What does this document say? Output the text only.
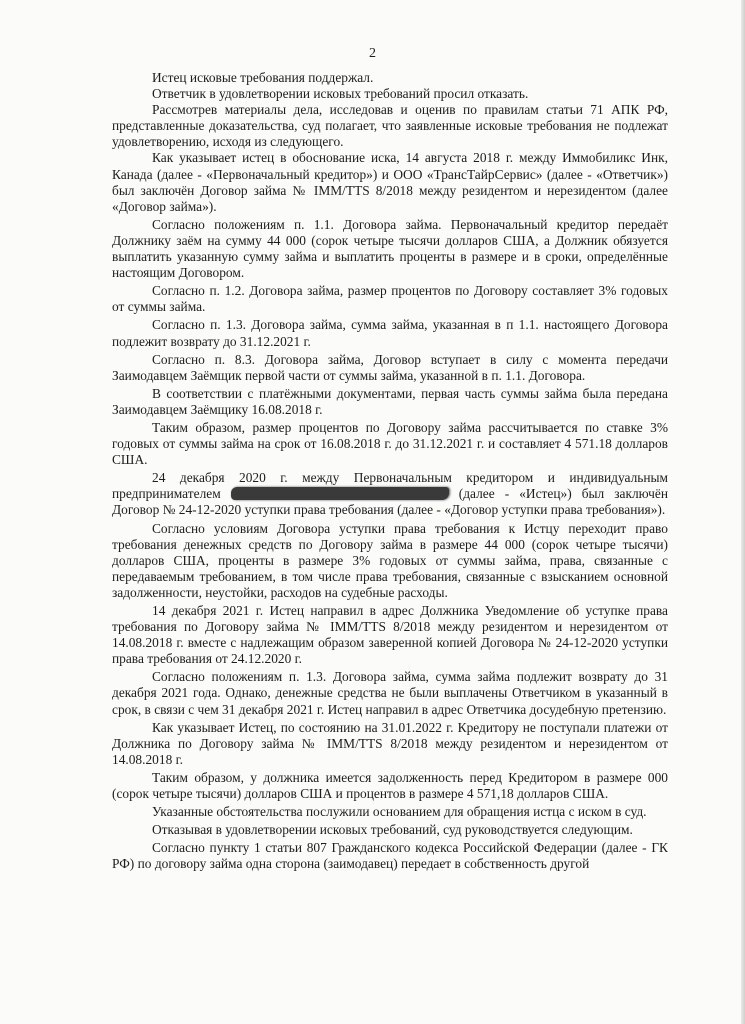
2

Истец исковые требования поддержал.

Ответчик в удовлетворении исковых требований просил отказать.

Рассмотрев материалы дела, исследовав и оценив по правилам статьи 71 АПК РФ, представленные доказательства, суд полагает, что заявленные исковые требования не подлежат удовлетворению, исходя из следующего.

Как указывает истец в обоснование иска, 14 августа 2018 г. между Иммобиликс Инк, Канада (далее - «Первоначальный кредитор») и ООО «ТрансТайрСервис» (далее - «Ответчик») был заключён Договор займа № IMM/TTS 8/2018 между резидентом и нерезидентом (далее «Договор займа»).

Согласно положениям п. 1.1. Договора займа. Первоначальный кредитор передаёт Должнику заём на сумму 44 000 (сорок четыре тысячи долларов США, а Должник обязуется выплатить указанную сумму займа и выплатить проценты в размере и в сроки, определённые настоящим Договором.

Согласно п. 1.2. Договора займа, размер процентов по Договору составляет 3% годовых от суммы займа.

Согласно п. 1.3. Договора займа, сумма займа, указанная в п 1.1. настоящего Договора подлежит возврату до 31.12.2021 г.

Согласно п. 8.3. Договора займа, Договор вступает в силу с момента передачи Заимодавцем Заёмщик первой части от суммы займа, указанной в п. 1.1. Договора.

В соответствии с платёжными документами, первая часть суммы займа была передана Заимодавцем Заёмщику 16.08.2018 г.

Таким образом, размер процентов по Договору займа рассчитывается по ставке 3% годовых от суммы займа на срок от 16.08.2018 г. до 31.12.2021 г. и составляет 4 571.18 долларов США.

24 декабря 2020 г. между Первоначальным кредитором и индивидуальным предпринимателем	(далее - «Истец») был заключён Договор № 24-12-2020 уступки права требования (далее - «Договор уступки права требования»).

Согласно условиям Договора уступки права требования к Истцу переходит право требования денежных средств по Договору займа в размере 44 000 (сорок четыре тысячи) долларов США, проценты в размере 3% годовых от суммы займа, права, связанные с передаваемым требованием, в том числе права требования, связанные с взысканием основной задолженности, неустойки, расходов на судебные расходы.

14 декабря 2021 г. Истец направил в адрес Должника Уведомление об уступке права требования по Договору займа № IMM/TTS 8/2018 между резидентом и нерезидентом от 14.08.2018 г. вместе с надлежащим образом заверенной копией Договора № 24-12-2020 уступки права требования от 24.12.2020 г.

Согласно положениям п. 1.3. Договора займа, сумма займа подлежит возврату до 31 декабря 2021 года. Однако, денежные средства не были выплачены Ответчиком в указанный в срок, в связи с чем 31 декабря 2021 г. Истец направил в адрес Ответчика досудебную претензию.

Как указывает Истец, по состоянию на 31.01.2022 г. Кредитору не поступали платежи от Должника по Договору займа № IMM/TTS 8/2018 между резидентом и нерезидентом от 14.08.2018 г.

Таким образом, у должника имеется задолженность перед Кредитором в размере 000 (сорок четыре тысячи) долларов США и процентов в размере 4 571,18 долларов США.

Указанные обстоятельства послужили основанием для обращения истца с иском в суд.

Отказывая в удовлетворении исковых требований, суд руководствуется следующим.

Согласно пункту 1 статьи 807 Гражданского кодекса Российской Федерации (далее - ГК РФ) по договору займа одна сторона (заимодавец) передает в собственность другой
